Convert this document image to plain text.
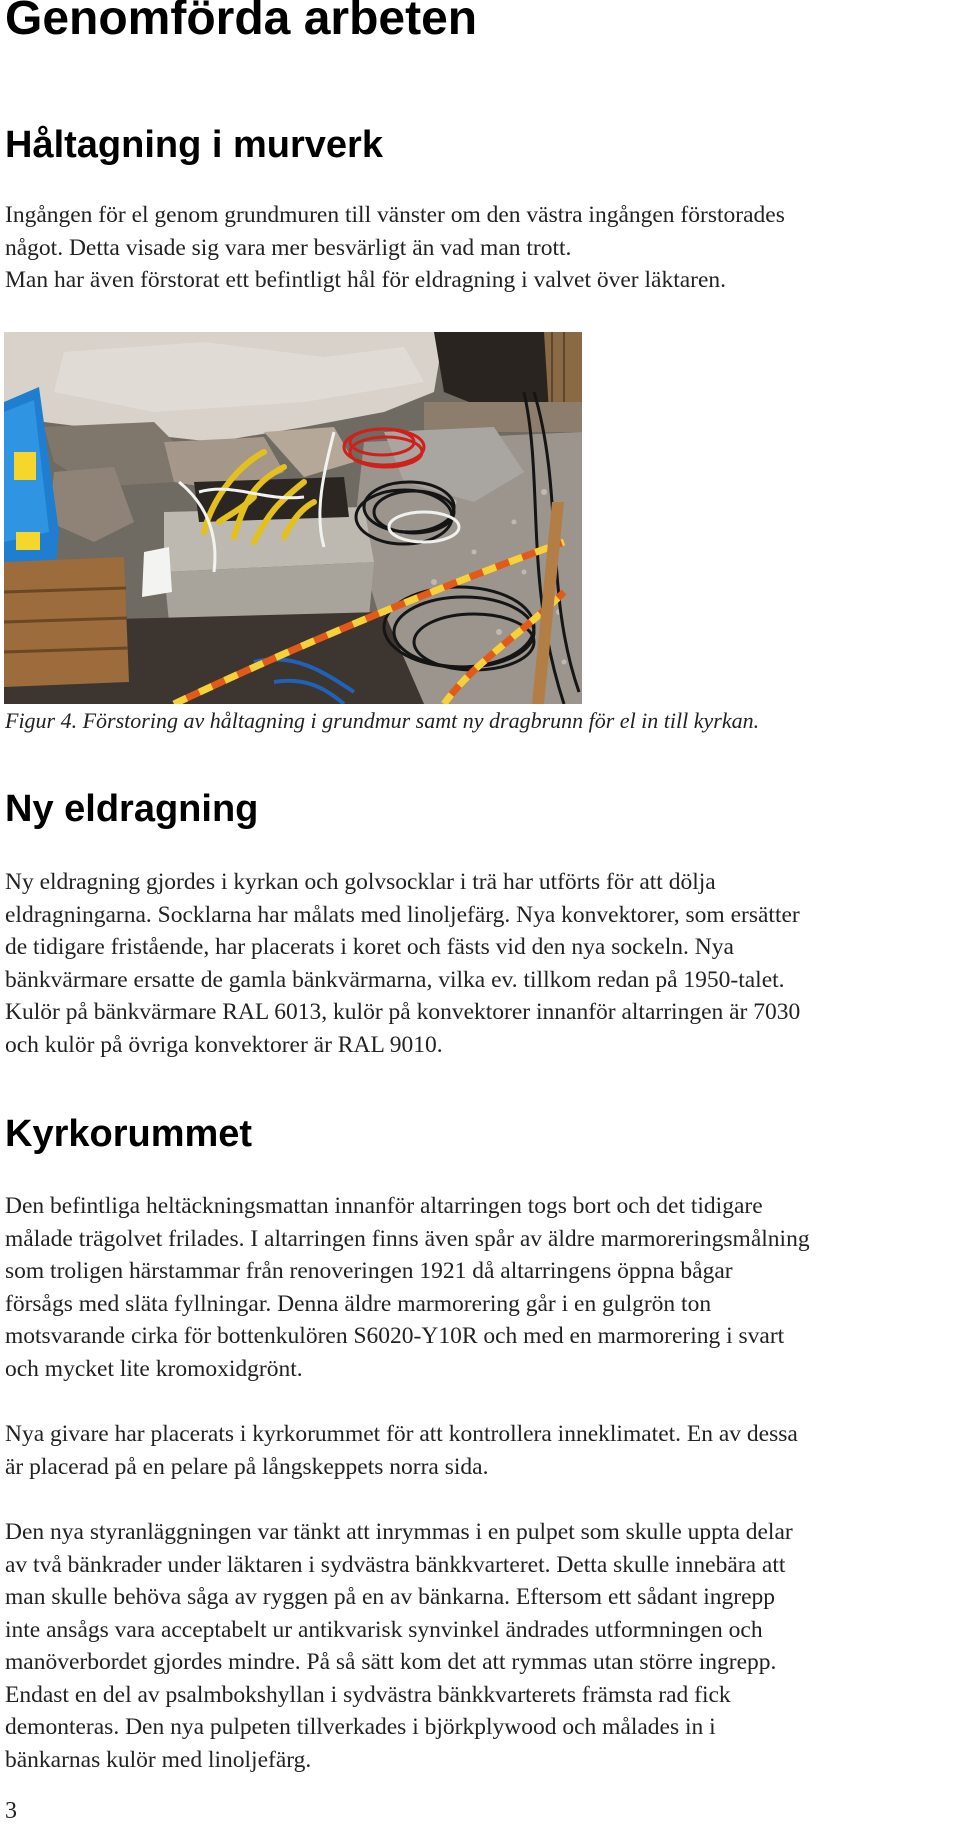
Genomförda arbeten
Håltagning i murverk

Ingången för el genom grundmuren till vänster om den västra ingången förstorades
något. Detta visade sig vara mer besvärligt än vad man trott.
Man har även förstorat ett befintligt hål för eldragning i valvet över läktaren.

Figur 4. Förstoring av håltagning i grundmur samt ny dragbrunn för el in till kyrkan.

Ny eldragning

Ny eldragning gjordes i kyrkan och golvsocklar i trä har utförts för att dölja
eldragningarna. Socklarna har målats med linoljefärg. Nya konvektorer, som ersätter
de tidigare fristående, har placerats i koret och fästs vid den nya sockeln. Nya
bänkvärmare ersatte de gamla bänkvärmarna, vilka ev. tillkom redan på 1950-talet.
Kulör på bänkvärmare RAL 6013, kulör på konvektorer innanför altarringen är 7030
och kulör på övriga konvektorer är RAL 9010.

Kyrkorummet

Den befintliga heltäckningsmattan innanför altarringen togs bort och det tidigare
målade trägolvet frilades. I altarringen finns även spår av äldre marmoreringsmålning
som troligen härstammar från renoveringen 1921 då altarringens öppna bågar
försågs med släta fyllningar. Denna äldre marmorering går i en gulgrön ton
motsvarande cirka för bottenkulören S6020-Y10R och med en marmorering i svart
och mycket lite kromoxidgrönt.

Nya givare har placerats i kyrkorummet för att kontrollera inneklimatet. En av dessa
är placerad på en pelare på långskeppets norra sida.

Den nya styranläggningen var tänkt att inrymmas i en pulpet som skulle uppta delar
av två bänkrader under läktaren i sydvästra bänkkvarteret. Detta skulle innebära att
man skulle behöva såga av ryggen på en av bänkarna. Eftersom ett sådant ingrepp
inte ansågs vara acceptabelt ur antikvarisk synvinkel ändrades utformningen och
manöverbordet gjordes mindre. På så sätt kom det att rymmas utan större ingrepp.
Endast en del av psalmbokshyllan i sydvästra bänkkvarterets främsta rad fick
demonteras. Den nya pulpeten tillverkades i björkplywood och målades in i
bänkarnas kulör med linoljefärg.

3
